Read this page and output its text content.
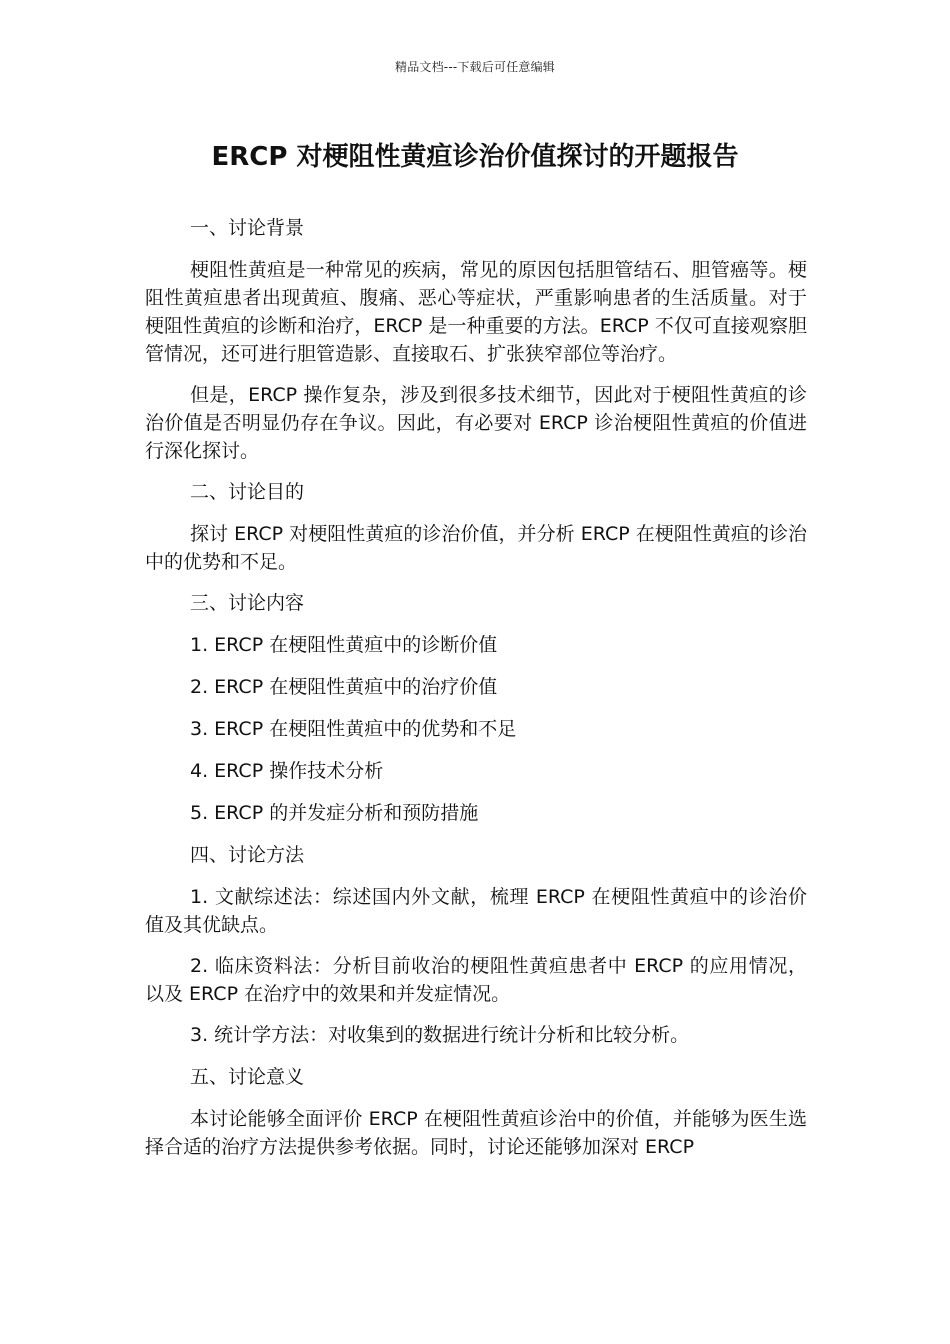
精品文档---下载后可任意编辑
ERCP 对梗阻性黄疸诊治价值探讨的开题报告

一、讨论背景

梗阻性黄疸是一种常见的疾病，常见的原因包括胆管结石、胆管癌等。梗阻性黄疸患者出现黄疸、腹痛、恶心等症状，严重影响患者的生活质量。对于梗阻性黄疸的诊断和治疗，ERCP 是一种重要的方法。ERCP 不仅可直接观察胆管情况，还可进行胆管造影、直接取石、扩张狭窄部位等治疗。

但是，ERCP 操作复杂，涉及到很多技术细节，因此对于梗阻性黄疸的诊治价值是否明显仍存在争议。因此，有必要对 ERCP 诊治梗阻性黄疸的价值进行深化探讨。

二、讨论目的

探讨 ERCP 对梗阻性黄疸的诊治价值，并分析 ERCP 在梗阻性黄疸的诊治中的优势和不足。

三、讨论内容

1. ERCP 在梗阻性黄疸中的诊断价值

2. ERCP 在梗阻性黄疸中的治疗价值

3. ERCP 在梗阻性黄疸中的优势和不足

4. ERCP 操作技术分析

5. ERCP 的并发症分析和预防措施

四、讨论方法

1. 文献综述法：综述国内外文献，梳理 ERCP 在梗阻性黄疸中的诊治价值及其优缺点。

2. 临床资料法：分析目前收治的梗阻性黄疸患者中 ERCP 的应用情况，以及 ERCP 在治疗中的效果和并发症情况。

3. 统计学方法：对收集到的数据进行统计分析和比较分析。

五、讨论意义

本讨论能够全面评价 ERCP 在梗阻性黄疸诊治中的价值，并能够为医生选择合适的治疗方法提供参考依据。同时，讨论还能够加深对 ERCP
